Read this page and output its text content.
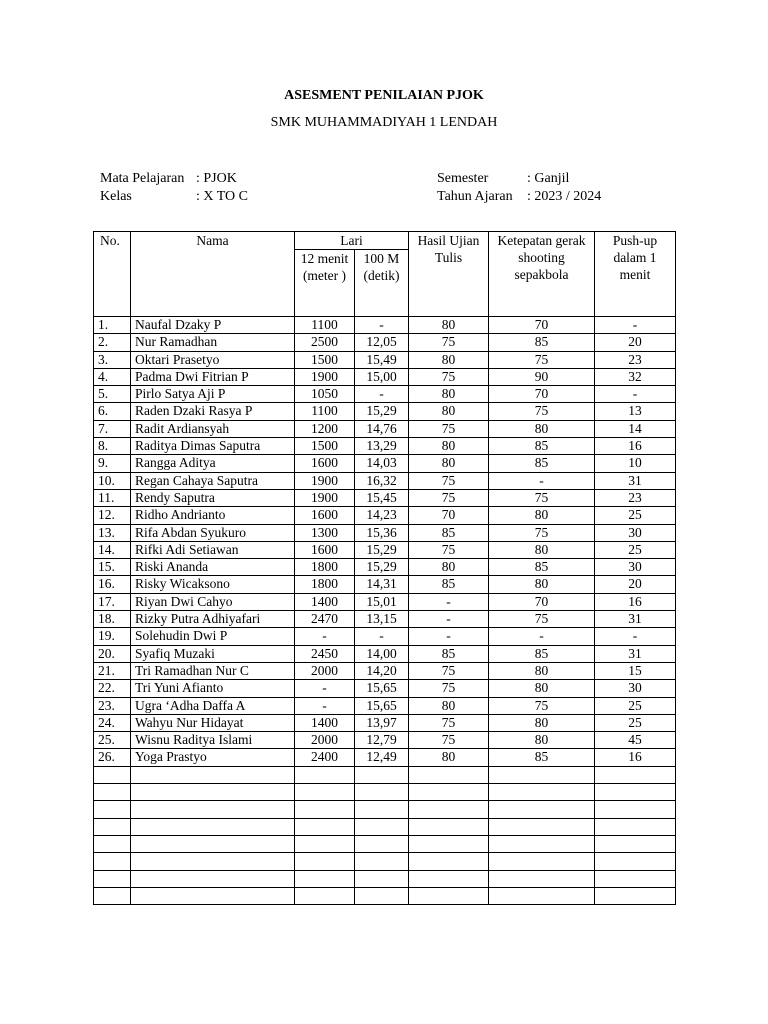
ASESMENT PENILAIAN PJOK
SMK MUHAMMADIYAH 1 LENDAH
Mata Pelajaran : PJOK
Kelas	: X TO C
Semester	: Ganjil
Tahun Ajaran	: 2023 / 2024
No.	Nama	Lari		Hasil Ujian Tulis	Ketepatan gerak shooting sepakbola	Push-up dalam 1 menit
		12 menit (meter )	100 M (detik)			
1.	Naufal Dzaky P	1100	-	80	70	-
2.	Nur Ramadhan	2500	12,05	75	85	20
3.	Oktari Prasetyo	1500	15,49	80	75	23
4.	Padma Dwi Fitrian P	1900	15,00	75	90	32
5.	Pirlo Satya Aji P	1050	-	80	70	-
6.	Raden Dzaki Rasya P	1100	15,29	80	75	13
7.	Radit Ardiansyah	1200	14,76	75	80	14
8.	Raditya Dimas Saputra	1500	13,29	80	85	16
9.	Rangga Aditya	1600	14,03	80	85	10
10.	Regan Cahaya Saputra	1900	16,32	75	-	31
11.	Rendy Saputra	1900	15,45	75	75	23
12.	Ridho Andrianto	1600	14,23	70	80	25
13.	Rifa Abdan Syukuro	1300	15,36	85	75	30
14.	Rifki Adi Setiawan	1600	15,29	75	80	25
15.	Riski Ananda	1800	15,29	80	85	30
16.	Risky Wicaksono	1800	14,31	85	80	20
17.	Riyan Dwi Cahyo	1400	15,01	-	70	16
18.	Rizky Putra Adhiyafari	2470	13,15	-	75	31
19.	Solehudin Dwi P	-	-	-	-	-
20.	Syafiq Muzaki	2450	14,00	85	85	31
21.	Tri Ramadhan Nur C	2000	14,20	75	80	15
22.	Tri Yuni Afianto	-	15,65	75	80	30
23.	Ugra ‘Adha Daffa A	-	15,65	80	75	25
24.	Wahyu Nur Hidayat	1400	13,97	75	80	25
25.	Wisnu Raditya Islami	2000	12,79	75	80	45
26.	Yoga Prastyo	2400	12,49	80	85	16
